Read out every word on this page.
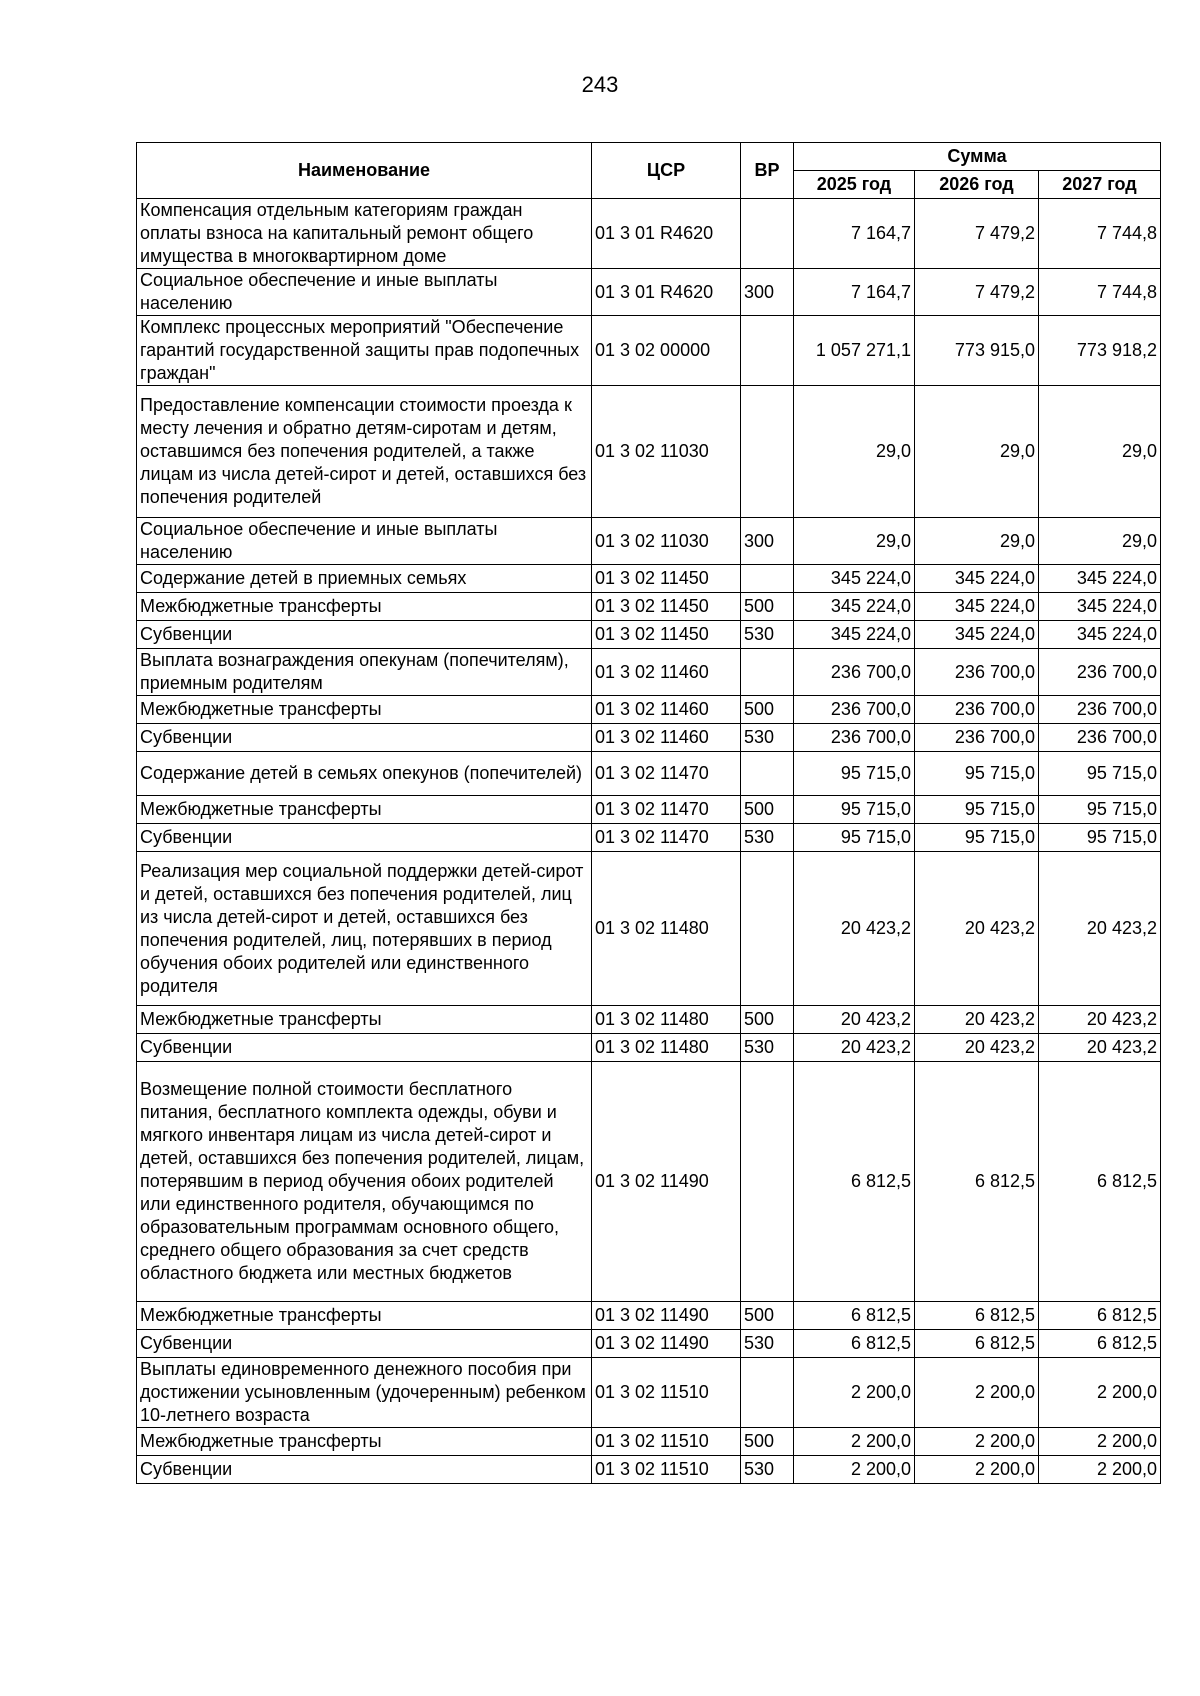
243
Наименование	ЦСР	ВР	Сумма		
			2025 год	2026 год	2027 год
Компенсация отдельным категориям граждан оплаты взноса на капитальный ремонт общего имущества в многоквартирном доме	01 3 01 R4620		7 164,7	7 479,2	7 744,8
Социальное обеспечение и иные выплаты населению	01 3 01 R4620	300	7 164,7	7 479,2	7 744,8
Комплекс процессных мероприятий "Обеспечение гарантий государственной защиты прав подопечных граждан"	01 3 02 00000		1 057 271,1	773 915,0	773 918,2
Предоставление компенсации стоимости проезда к месту лечения и обратно детям-сиротам и детям, оставшимся без попечения родителей, а также лицам из числа детей-сирот и детей, оставшихся без попечения родителей	01 3 02 11030		29,0	29,0	29,0
Социальное обеспечение и иные выплаты населению	01 3 02 11030	300	29,0	29,0	29,0
Содержание детей в приемных семьях	01 3 02 11450		345 224,0	345 224,0	345 224,0
Межбюджетные трансферты	01 3 02 11450	500	345 224,0	345 224,0	345 224,0
Субвенции	01 3 02 11450	530	345 224,0	345 224,0	345 224,0
Выплата вознаграждения опекунам (попечителям), приемным родителям	01 3 02 11460		236 700,0	236 700,0	236 700,0
Межбюджетные трансферты	01 3 02 11460	500	236 700,0	236 700,0	236 700,0
Субвенции	01 3 02 11460	530	236 700,0	236 700,0	236 700,0
Содержание детей в семьях опекунов (попечителей)	01 3 02 11470		95 715,0	95 715,0	95 715,0
Межбюджетные трансферты	01 3 02 11470	500	95 715,0	95 715,0	95 715,0
Субвенции	01 3 02 11470	530	95 715,0	95 715,0	95 715,0
Реализация мер социальной поддержки детей-сирот и детей, оставшихся без попечения родителей, лиц из числа детей-сирот и детей, оставшихся без попечения родителей, лиц, потерявших в период обучения обоих родителей или единственного родителя	01 3 02 11480		20 423,2	20 423,2	20 423,2
Межбюджетные трансферты	01 3 02 11480	500	20 423,2	20 423,2	20 423,2
Субвенции	01 3 02 11480	530	20 423,2	20 423,2	20 423,2
Возмещение полной стоимости бесплатного питания, бесплатного комплекта одежды, обуви и мягкого инвентаря лицам из числа детей-сирот и детей, оставшихся без попечения родителей, лицам, потерявшим в период обучения обоих родителей или единственного родителя, обучающимся по образовательным программам основного общего, среднего общего образования за счет средств областного бюджета или местных бюджетов	01 3 02 11490		6 812,5	6 812,5	6 812,5
Межбюджетные трансферты	01 3 02 11490	500	6 812,5	6 812,5	6 812,5
Субвенции	01 3 02 11490	530	6 812,5	6 812,5	6 812,5
Выплаты единовременного денежного пособия при достижении усыновленным (удочеренным) ребенком 10-летнего возраста	01 3 02 11510		2 200,0	2 200,0	2 200,0
Межбюджетные трансферты	01 3 02 11510	500	2 200,0	2 200,0	2 200,0
Субвенции	01 3 02 11510	530	2 200,0	2 200,0	2 200,0
